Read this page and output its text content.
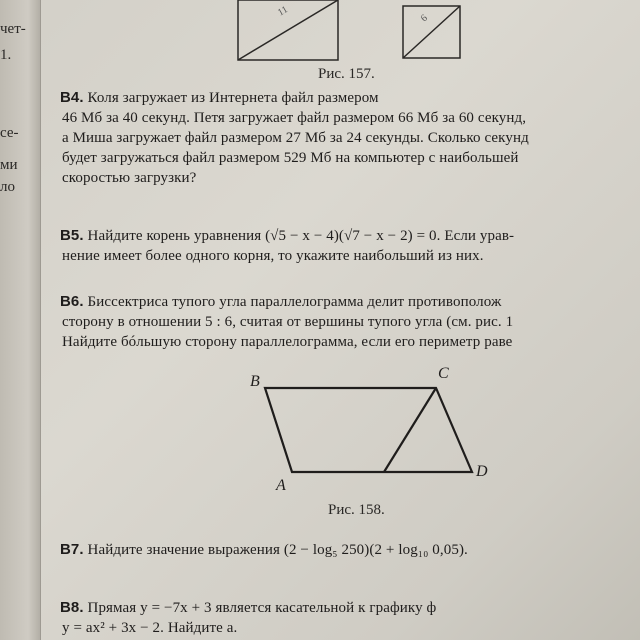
чет-
1.
се-
ми
ло
11	6
Рис. 157.
B4. Коля загружает из Интернета файл размером
46 Мб за 40 секунд. Петя загружает файл размером 66 Мб за 60 секунд,
а Миша загружает файл размером 27 Мб за 24 секунды. Сколько секунд
будет загружаться файл размером 529 Мб на компьютер с наибольшей
скоростью загрузки?
B5. Найдите корень уравнения (√5 − x − 4)(√7 − x − 2) = 0. Если урав-
нение имеет более одного корня, то укажите наибольший из них.
B6. Биссектриса тупого угла параллелограмма делит противополож
сторону в отношении 5 : 6, считая от вершины тупого угла (см. рис. 1
Найдите бóльшую сторону параллелограмма, если его периметр раве
B	C
A
D
Рис. 158.
B7. Найдите значение выражения (2 − log₅ 250)(2 + log₁₀ 0,05).
B8. Прямая y = −7x + 3 является касательной к графику ф
y = ax² + 3x − 2. Найдите a.
